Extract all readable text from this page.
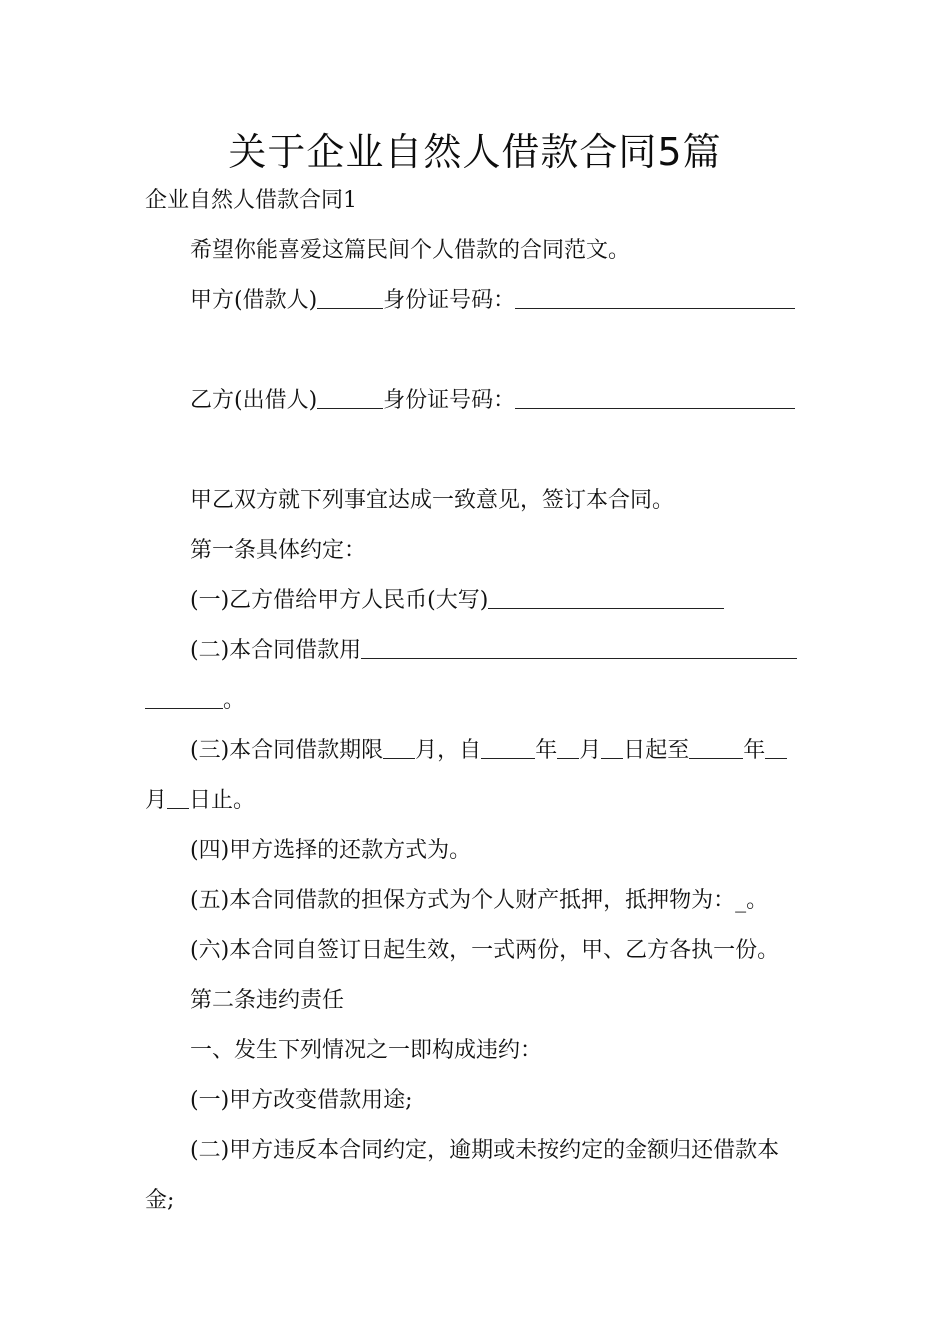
关于企业自然人借款合同5篇

企业自然人借款合同1

希望你能喜爱这篇民间个人借款的合同范文。

甲方(借款人)	身份证号码：

乙方(出借人)	身份证号码：

甲乙双方就下列事宜达成一致意见，签订本合同。

第一条具体约定：

(一)乙方借给甲方人民币(大写)

(二)本合同借款用

。

(三)本合同借款期限 月，自 年 月 日起至 年

月 日止。

(四)甲方选择的还款方式为。

(五)本合同借款的担保方式为个人财产抵押，抵押物为：_。

(六)本合同自签订日起生效，一式两份，甲、乙方各执一份。

第二条违约责任

一、发生下列情况之一即构成违约：

(一)甲方改变借款用途;

(二)甲方违反本合同约定，逾期或未按约定的金额归还借款本

金;
